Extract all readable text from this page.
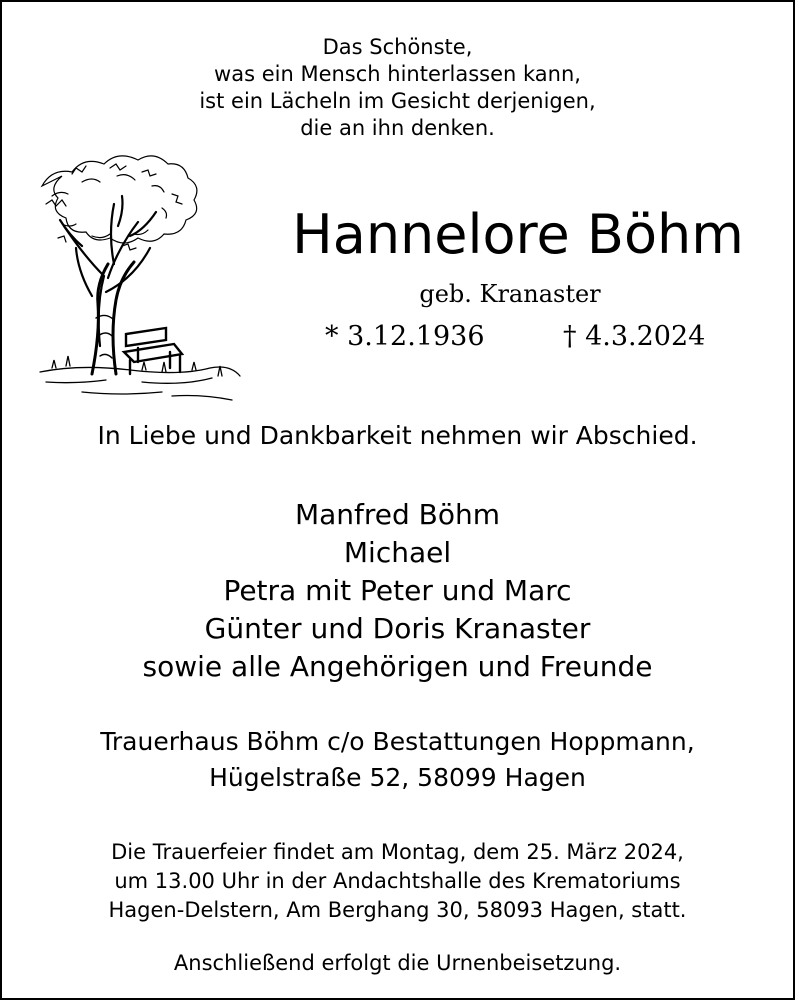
Das Schönste,
was ein Mensch hinterlassen kann,
ist ein Lächeln im Gesicht derjenigen,
die an ihn denken.
Hannelore Böhm
geb. Kranaster
* 3.12.1936	† 4.3.2024
In Liebe und Dankbarkeit nehmen wir Abschied.
Manfred Böhm
Michael
Petra mit Peter und Marc
Günter und Doris Kranaster
sowie alle Angehörigen und Freunde
Trauerhaus Böhm c/o Bestattungen Hoppmann,
Hügelstraße 52, 58099 Hagen
Die Trauerfeier findet am Montag, dem 25. März 2024,
um 13.00 Uhr in der Andachtshalle des Krematoriums
Hagen-Delstern, Am Berghang 30, 58093 Hagen, statt.
Anschließend erfolgt die Urnenbeisetzung.
